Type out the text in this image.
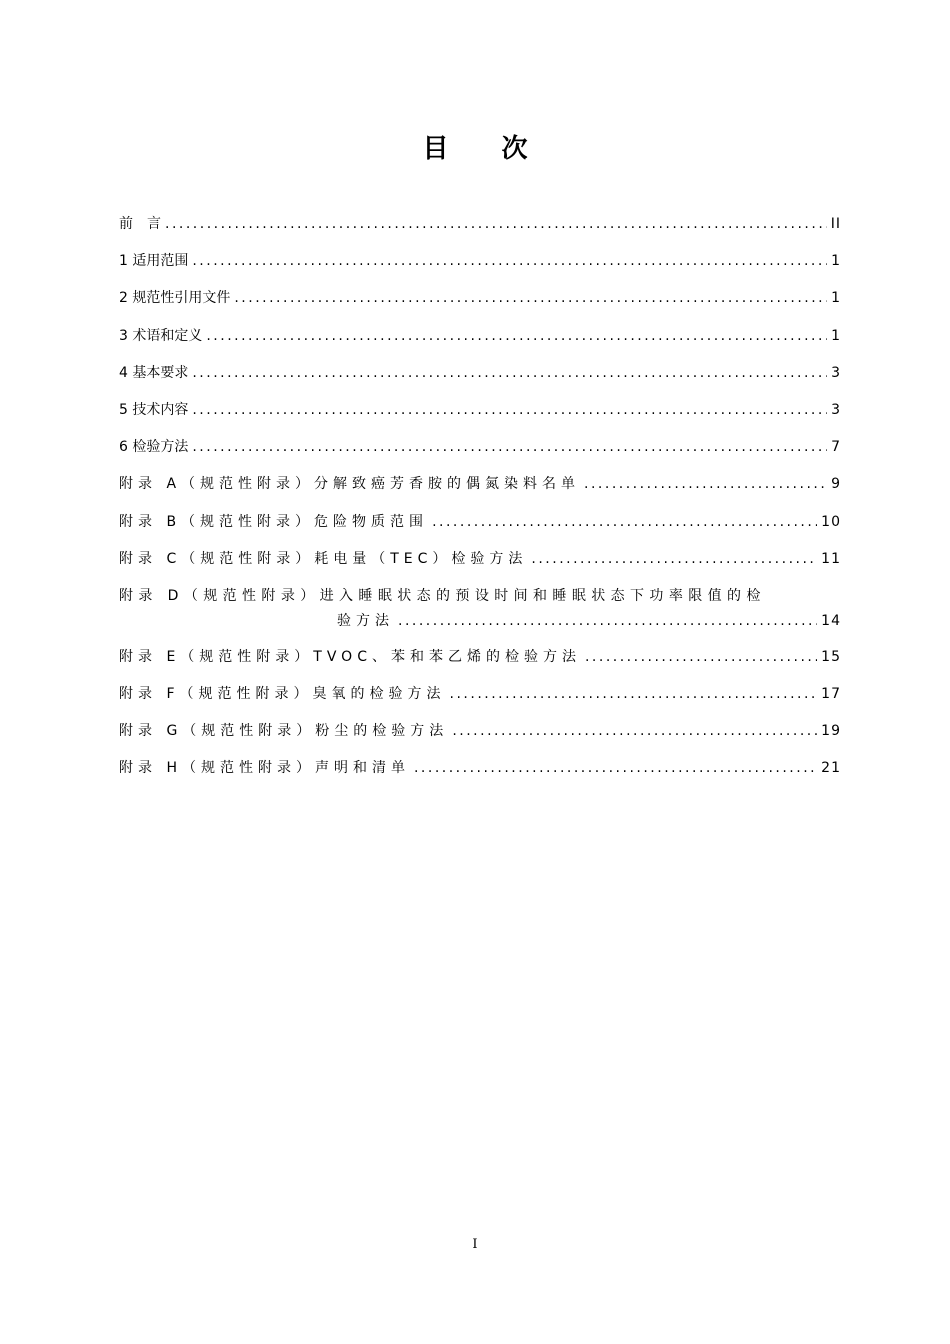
目 次
前　言 .....	II
1 适用范围 .....	1
2 规范性引用文件 .....	1
3 术语和定义 .....	1
4 基本要求 .....	3
5 技术内容 .....	3
6 检验方法 .....	7
附录 A（规范性附录）分解致癌芳香胺的偶氮染料名单 .....	9
附录 B（规范性附录）危险物质范围 .....	10
附录 C（规范性附录）耗电量（TEC）检验方法 .....	11
附录 D（规范性附录）进入睡眠状态的预设时间和睡眠状态下功率限值的检
验方法 .....	14
附录 E（规范性附录）TVOC、苯和苯乙烯的检验方法 .....	15
附录 F（规范性附录）臭氧的检验方法 .....	17
附录 G（规范性附录）粉尘的检验方法 .....	19
附录 H（规范性附录）声明和清单 .....	21
I
